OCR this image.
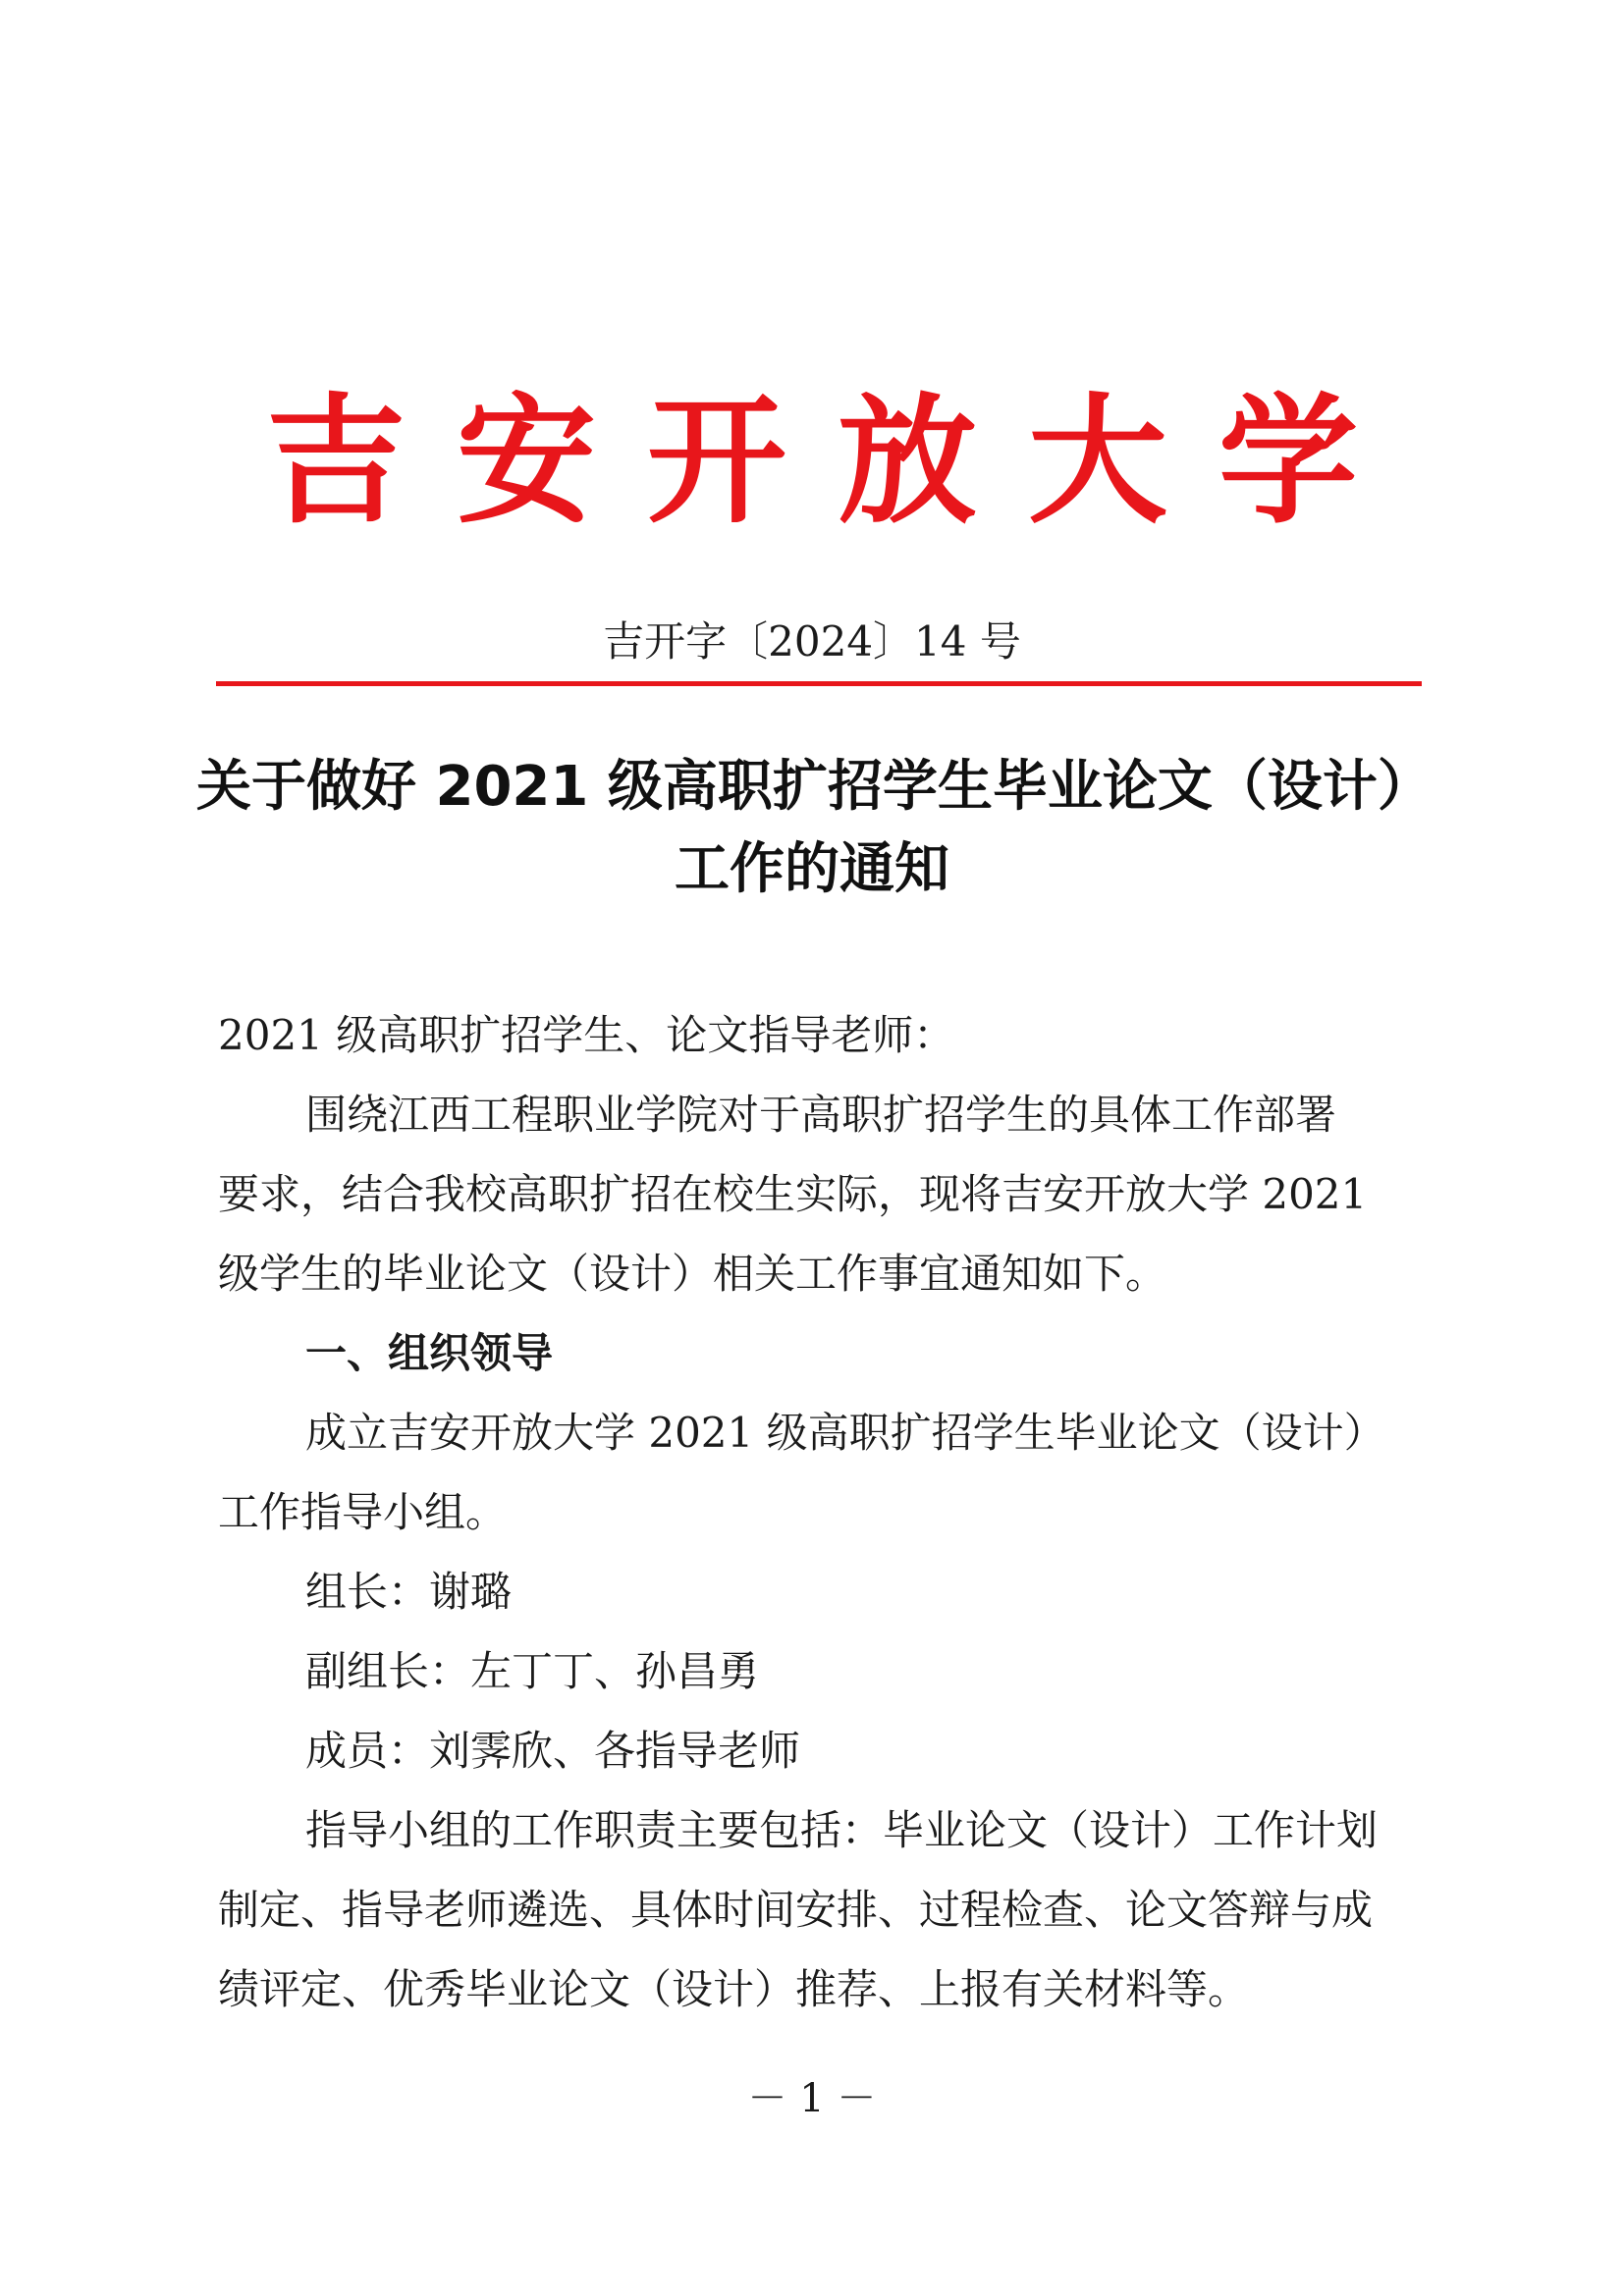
吉安开放大学
吉开字〔2024〕14 号
关于做好 2021 级高职扩招学生毕业论文（设计）
工作的通知
2021 级高职扩招学生、论文指导老师：
围绕江西工程职业学院对于高职扩招学生的具体工作部署
要求，结合我校高职扩招在校生实际，现将吉安开放大学 2021
级学生的毕业论文（设计）相关工作事宜通知如下。
一、组织领导
成立吉安开放大学 2021 级高职扩招学生毕业论文（设计）
工作指导小组。
组长：谢璐
副组长：左丁丁、孙昌勇
成员：刘霁欣、各指导老师
指导小组的工作职责主要包括：毕业论文（设计）工作计划
制定、指导老师遴选、具体时间安排、过程检查、论文答辩与成
绩评定、优秀毕业论文（设计）推荐、上报有关材料等。
－ 1 －
